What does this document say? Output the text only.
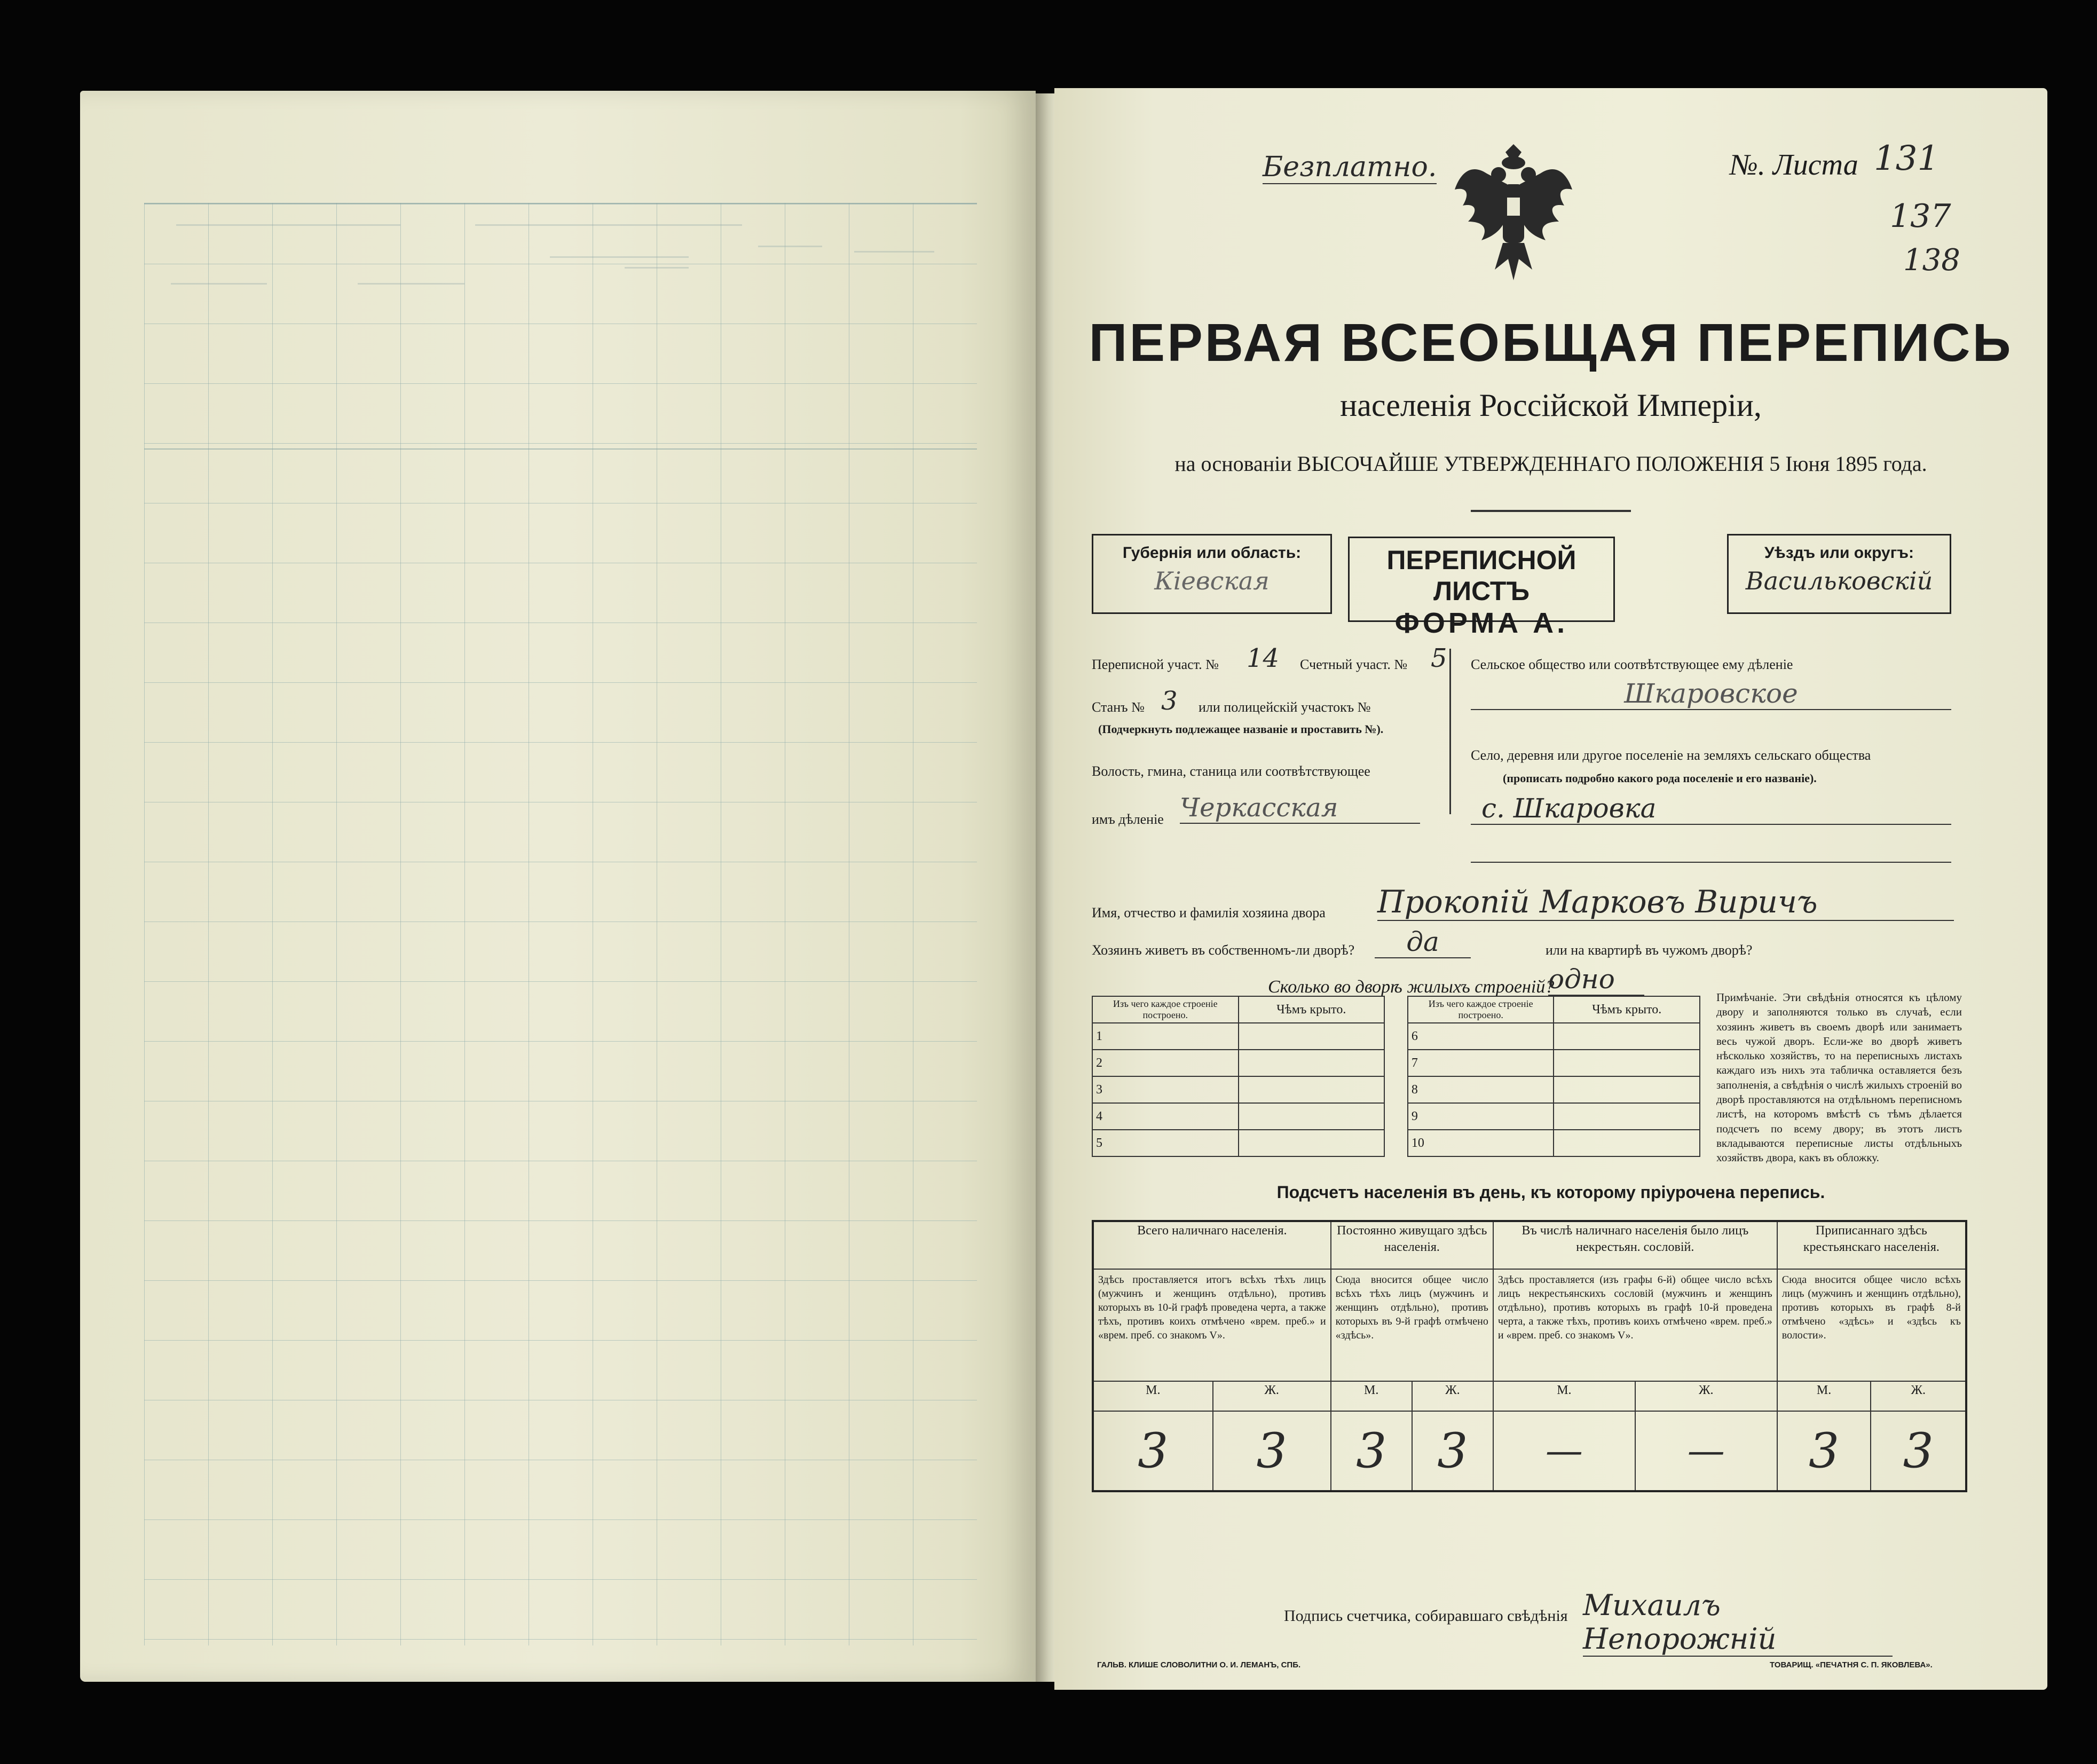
Безплатно.	№. Листа 131
137
138
ПЕРВАЯ ВСЕОБЩАЯ ПЕРЕПИСЬ
населенія Россійской Имперіи,
на основаніи ВЫСОЧАЙШЕ УТВЕРЖДЕННАГО ПОЛОЖЕНІЯ 5 Іюня 1895 года.
Губернія или область:
Кіевская
ПЕРЕПИСНОЙ ЛИСТЪ
ФОРМА А.
Уѣздъ или округъ:
Васильковскій
Переписной участ. № 14 Счетный участ. № 5
Станъ № 3 или полицейскій участокъ №
(Подчеркнуть подлежащее названіе и проставить №).
Волость, гмина, станица или соотвѣтствующее
имъ дѣленіе Черкасская
Сельское общество или соотвѣтствующее ему дѣленіе
Шкаровское
Село, деревня или другое поселеніе на земляхъ сельскаго общества
(прописать подробно какого рода поселеніе и его названіе).
с. Шкаровка
Имя, отчество и фамилія хозяина двора Прокопій Марковъ Виричъ
Хозяинъ живетъ въ собственномъ-ли дворѣ?	да	или на квартирѣ въ чужомъ дворѣ?
Сколько во дворѣ жилыхъ строеній?
одно
Изъ чего каждое строеніе построено.	Чѣмъ крыто.		Изъ чего каждое строеніе построено.	Чѣмъ крыто.
1			6	
2			7	
3			8	
4			9	
5			10	
Примѣчаніе. Эти свѣдѣнія относятся къ цѣлому двору и заполняются только въ случаѣ, если хозяинъ живетъ въ своемъ дворѣ или занимаетъ весь чужой дворъ. Если-же во дворѣ живетъ нѣсколько хозяйствъ, то на переписныхъ листахъ каждаго изъ нихъ эта табличка оставляется безъ заполненія, а свѣдѣнія о числѣ жилыхъ строеній во дворѣ проставляются на отдѣльномъ переписномъ листѣ, на которомъ вмѣстѣ съ тѣмъ дѣлается подсчетъ по всему двору; въ этотъ листъ вкладываются переписные листы отдѣльныхъ хозяйствъ двора, какъ въ обложку.
Подсчетъ населенія въ день, къ которому пріурочена перепись.
Всего наличнаго населенія.		Постоянно живущаго здѣсь населенія.		Въ числѣ наличнаго населенія было лицъ некрестьян. сословій.		Приписаннаго здѣсь крестьянскаго населенія.	
Здѣсь проставляется итогъ всѣхъ тѣхъ лицъ (мужчинъ и женщинъ отдѣльно), противъ которыхъ въ 10-й графѣ проведена черта, а также тѣхъ, противъ коихъ отмѣчено «врем. преб.» и «врем. преб. со знакомъ V».		Сюда вносится общее число всѣхъ тѣхъ лицъ (мужчинъ и женщинъ отдѣльно), противъ которыхъ въ 9-й графѣ отмѣчено «здѣсь».		Здѣсь проставляется (изъ графы 6-й) общее число всѣхъ лицъ некрестьянскихъ сословій (мужчинъ и женщинъ отдѣльно), противъ которыхъ въ графѣ 10-й проведена черта, а также тѣхъ, противъ коихъ отмѣчено «врем. преб.» и «врем. преб. со знакомъ V».		Сюда вносится общее число всѣхъ лицъ (мужчинъ и женщинъ отдѣльно), противъ которыхъ въ графѣ 8-й отмѣчено «здѣсь» и «здѣсь къ волости».	
М.	Ж.	М.	Ж.	М.	Ж.	М.	Ж.
3	3	3	3	—	—	3	3
Подпись счетчика, собиравшаго свѣдѣнія Михаилъ Непорожній
ГАЛЬВ. КЛИШЕ СЛОВОЛИТНИ О. И. ЛЕМАНЪ, СПБ.	ТОВАРИЩ. «ПЕЧАТНЯ С. П. ЯКОВЛЕВА».
